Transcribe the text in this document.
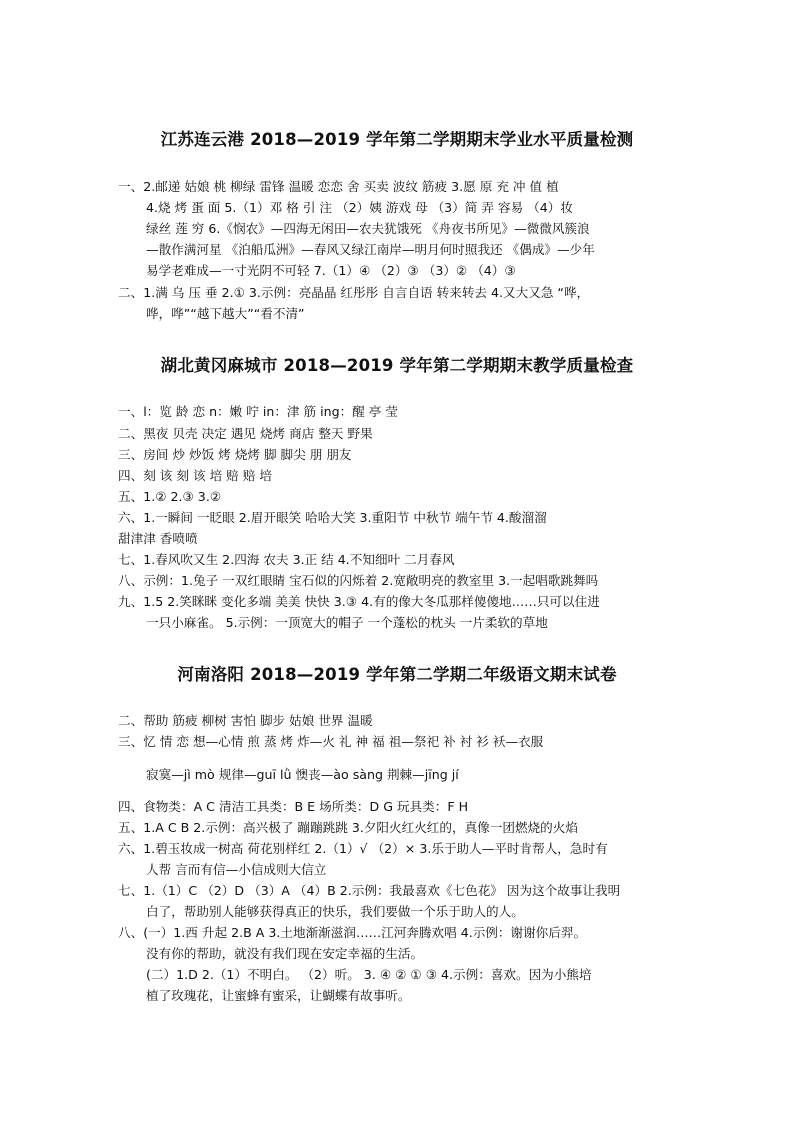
江苏连云港 2018—2019 学年第二学期期末学业水平质量检测
一、2.邮递 姑娘 桃 柳绿 雷锋 温暖 恋恋 舍 买卖 波纹 筋疲 3.愿 原 充 冲 值 植
4.烧 烤 蛋 面 5.（1）邓 格 引 注 （2）姨 游戏 母 （3）简 弄 容易 （4）妆
绿丝 莲 穷 6.《悯农》—四海无闲田—农夫犹饿死 《舟夜书所见》—微微风簇浪
—散作满河星 《泊船瓜洲》—春风又绿江南岸—明月何时照我还 《偶成》—少年
易学老难成—一寸光阴不可轻 7.（1）④ （2）③ （3）② （4）③
二、1.满 乌 压 垂 2.① 3.示例：亮晶晶 红彤彤 自言自语 转来转去 4.又大又急 “哗，
哗，哗”“越下越大”“看不清”
湖北黄冈麻城市 2018—2019 学年第二学期期末教学质量检查
一、l：览 龄 恋 n：嫩 咛 in：津 筋 ing：醒 亭 莹
二、黑夜 贝壳 决定 遇见 烧烤 商店 整天 野果
三、房间 炒 炒饭 烤 烧烤 脚 脚尖 朋 朋友
四、刻 该 刻 该 培 赔 赔 培
五、1.② 2.③ 3.②
六、1.一瞬间 一眨眼 2.眉开眼笑 哈哈大笑 3.重阳节 中秋节 端午节 4.酸溜溜
甜津津 香喷喷
七、1.春风吹又生 2.四海 农夫 3.正 结 4.不知细叶 二月春风
八、示例：1.兔子 一双红眼睛 宝石似的闪烁着 2.宽敞明亮的教室里 3.一起唱歌跳舞吗
九、1.5 2.笑眯眯 变化多端 美美 快快 3.③ 4.有的像大冬瓜那样傻傻地……只可以住进
一只小麻雀。 5.示例：一顶宽大的帽子 一个蓬松的枕头 一片柔软的草地
河南洛阳 2018—2019 学年第二学期二年级语文期末试卷
二、帮助 筋疲 柳树 害怕 脚步 姑娘 世界 温暖
三、忆 情 恋 想—心情 煎 蒸 烤 炸—火 礼 神 福 祖—祭祀 补 衬 衫 袄—衣服
寂寞—jì mò 规律—guī lǜ 懊丧—ào sàng 荆棘—jīng jí
四、食物类：A C 清洁工具类：B E 场所类：D G 玩具类：F H
五、1.A C B 2.示例：高兴极了 蹦蹦跳跳 3.夕阳火红火红的，真像一团燃烧的火焰
六、1.碧玉妆成一树高 荷花别样红 2.（1）√ （2）× 3.乐于助人—平时肯帮人，急时有
人帮 言而有信—小信成则大信立
七、1.（1）C （2）D （3）A （4）B 2.示例：我最喜欢《七色花》 因为这个故事让我明
白了，帮助别人能够获得真正的快乐，我们要做一个乐于助人的人。
八、(一）1.西 升起 2.B A 3.土地渐渐滋润……江河奔腾欢唱 4.示例：谢谢你后羿。
没有你的帮助，就没有我们现在安定幸福的生活。
(二）1.D 2.（1）不明白。 （2）听。 3. ④ ② ① ③ 4.示例：喜欢。因为小熊培
植了玫瑰花，让蜜蜂有蜜采，让蝴蝶有故事听。
